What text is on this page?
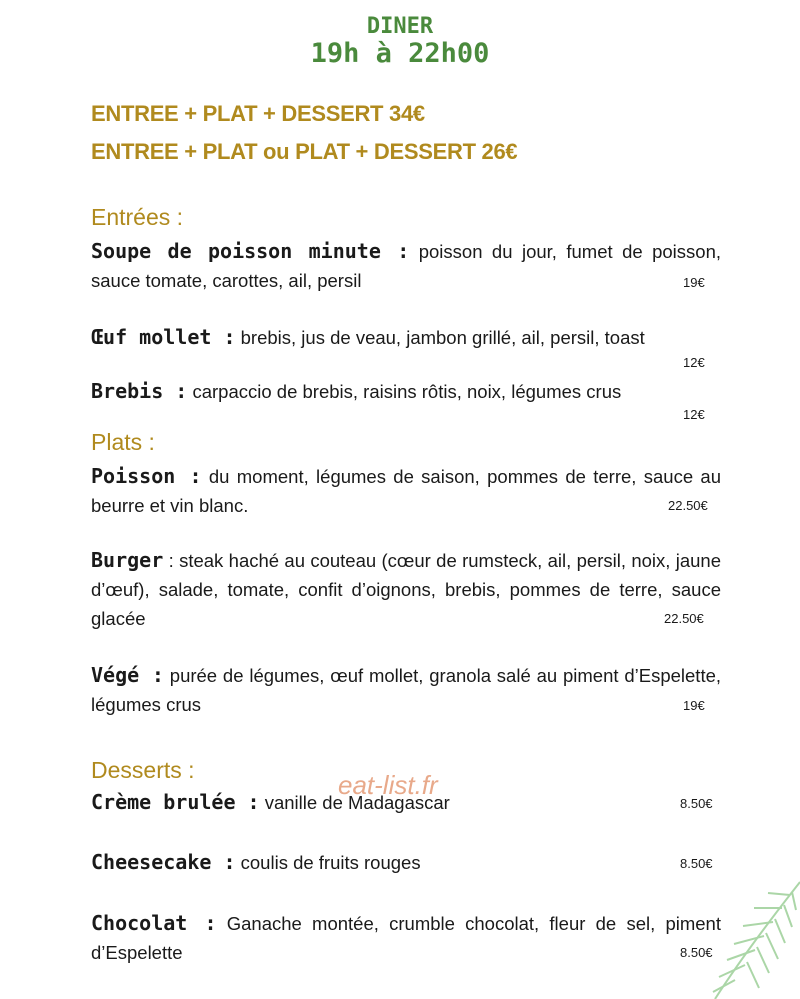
DINER
19h à 22h00
ENTREE + PLAT + DESSERT 34€
ENTREE + PLAT ou PLAT + DESSERT 26€
Entrées :
Soupe de poisson minute : poisson du jour, fumet de poisson, sauce tomate, carottes, ail, persil	19€
Œuf mollet : brebis, jus de veau, jambon grillé, ail, persil, toast
12€
Brebis : carpaccio de brebis, raisins rôtis, noix, légumes crus
12€
Plats :
Poisson : du moment, légumes de saison, pommes de terre, sauce au beurre et vin blanc.	22.50€
Burger : steak haché au couteau (cœur de rumsteck, ail, persil, noix, jaune d’œuf), salade, tomate, confit d’oignons, brebis, pommes de terre, sauce glacée	22.50€
Végé : purée de légumes, œuf mollet, granola salé au piment d’Espelette, légumes crus	19€
Desserts :
Crème brulée : vanille de Madagascar	8.50€
Cheesecake : coulis de fruits rouges	8.50€
Chocolat : Ganache montée, crumble chocolat, fleur de sel, piment d’Espelette	8.50€
eat-list.fr
